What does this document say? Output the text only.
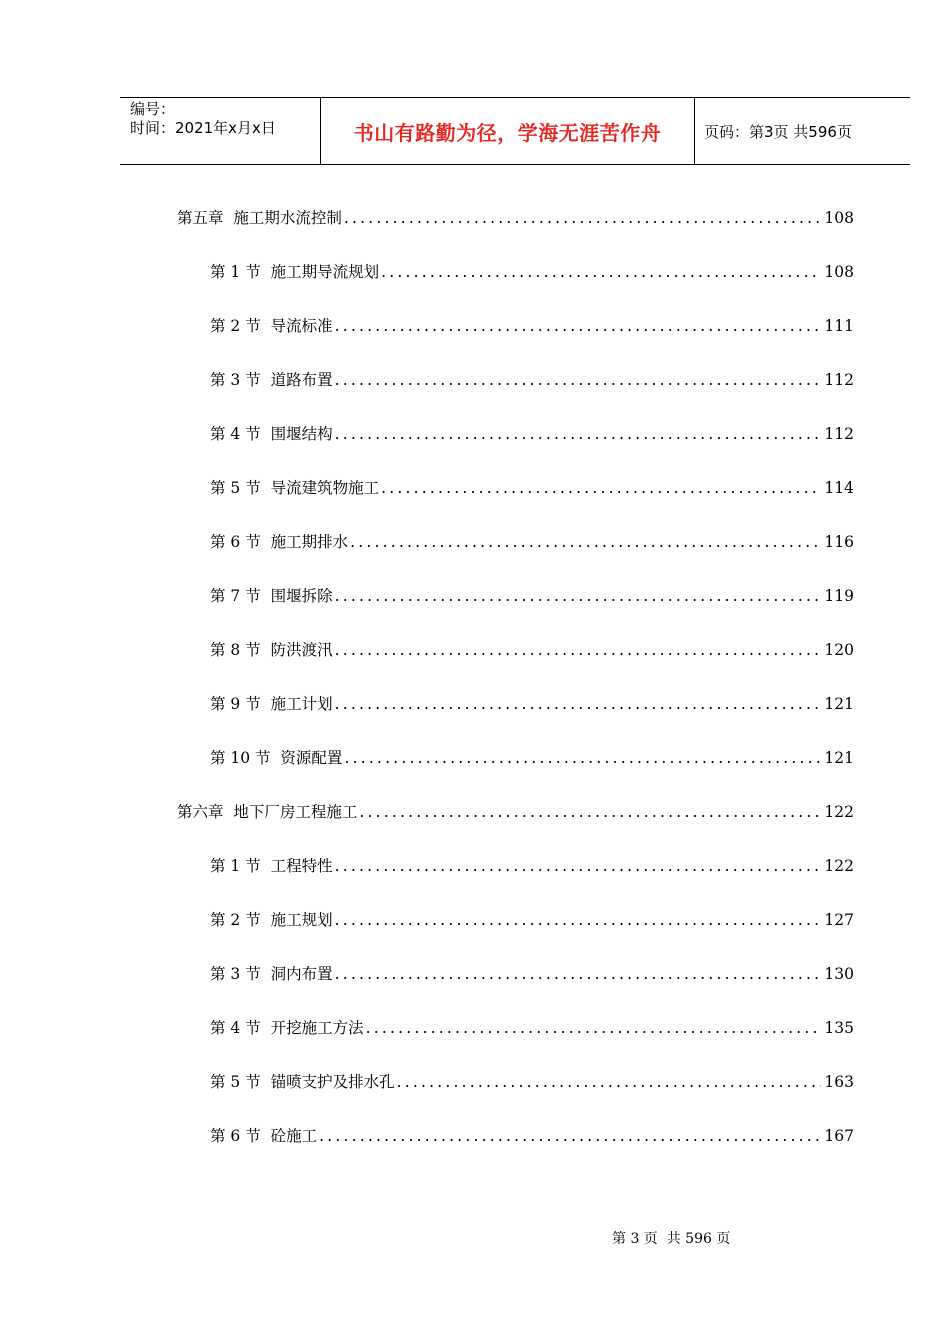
编号：
时间：2021年x月x日	书山有路勤为径，学海无涯苦作舟	页码：第3页 共596页
第五章  施工期水流控制 .....	108
第 1 节  施工期导流规划 .....	108
第 2 节  导流标准 .....	111
第 3 节  道路布置 .....	112
第 4 节  围堰结构 .....	112
第 5 节  导流建筑物施工 .....	114
第 6 节  施工期排水 .....	116
第 7 节  围堰拆除 .....	119
第 8 节  防洪渡汛 .....	120
第 9 节  施工计划 .....	121
第 10 节  资源配置 .....	121
第六章  地下厂房工程施工 .....	122
第 1 节  工程特性 .....	122
第 2 节  施工规划 .....	127
第 3 节  洞内布置 .....	130
第 4 节  开挖施工方法 .....	135
第 5 节  锚喷支护及排水孔 .....	163
第 6 节  砼施工 .....	167
第 3 页  共 596 页
